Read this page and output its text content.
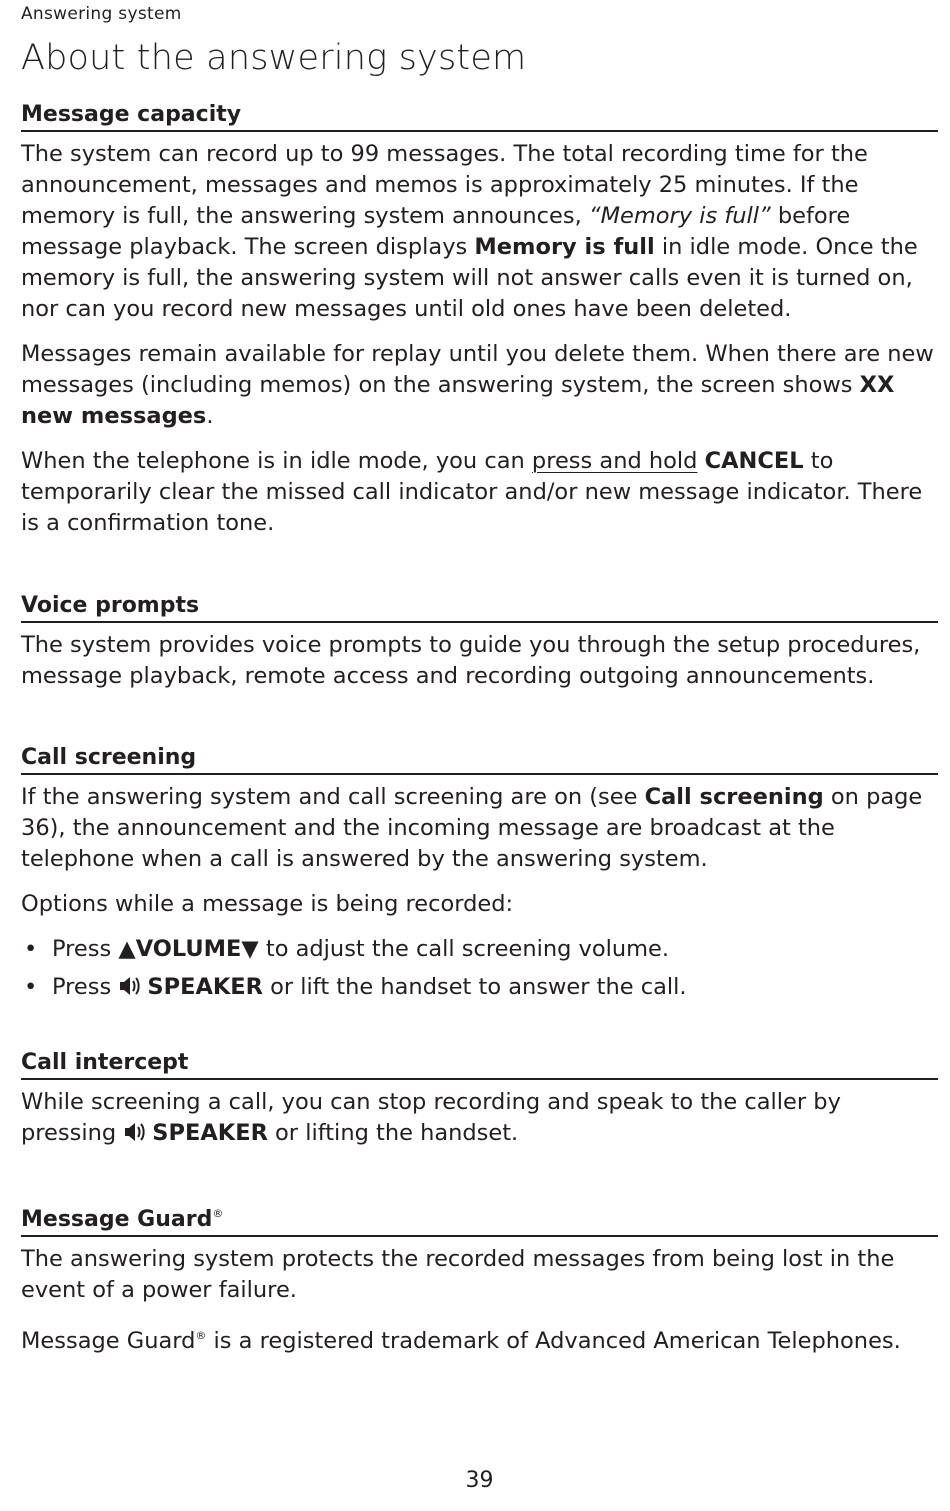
Answering system
About the answering system
Message capacity

The system can record up to 99 messages. The total recording time for the announcement, messages and memos is approximately 25 minutes. If the memory is full, the answering system announces, “Memory is full” before message playback. The screen displays Memory is full in idle mode. Once the memory is full, the answering system will not answer calls even it is turned on, nor can you record new messages until old ones have been deleted.

Messages remain available for replay until you delete them. When there are new messages (including memos) on the answering system, the screen shows XX new messages.

When the telephone is in idle mode, you can press and hold CANCEL to temporarily clear the missed call indicator and/or new message indicator. There is a confirmation tone.

Voice prompts

The system provides voice prompts to guide you through the setup procedures, message playback, remote access and recording outgoing announcements.

Call screening

If the answering system and call screening are on (see Call screening on page 36), the announcement and the incoming message are broadcast at the telephone when a call is answered by the answering system.

Options while a message is being recorded:

• Press ▲VOLUME▼ to adjust the call screening volume.
• Press SPEAKER or lift the handset to answer the call.
Call intercept

While screening a call, you can stop recording and speak to the caller by pressing SPEAKER or lifting the handset.

Message Guard®

The answering system protects the recorded messages from being lost in the event of a power failure.

Message Guard® is a registered trademark of Advanced American Telephones.

39
